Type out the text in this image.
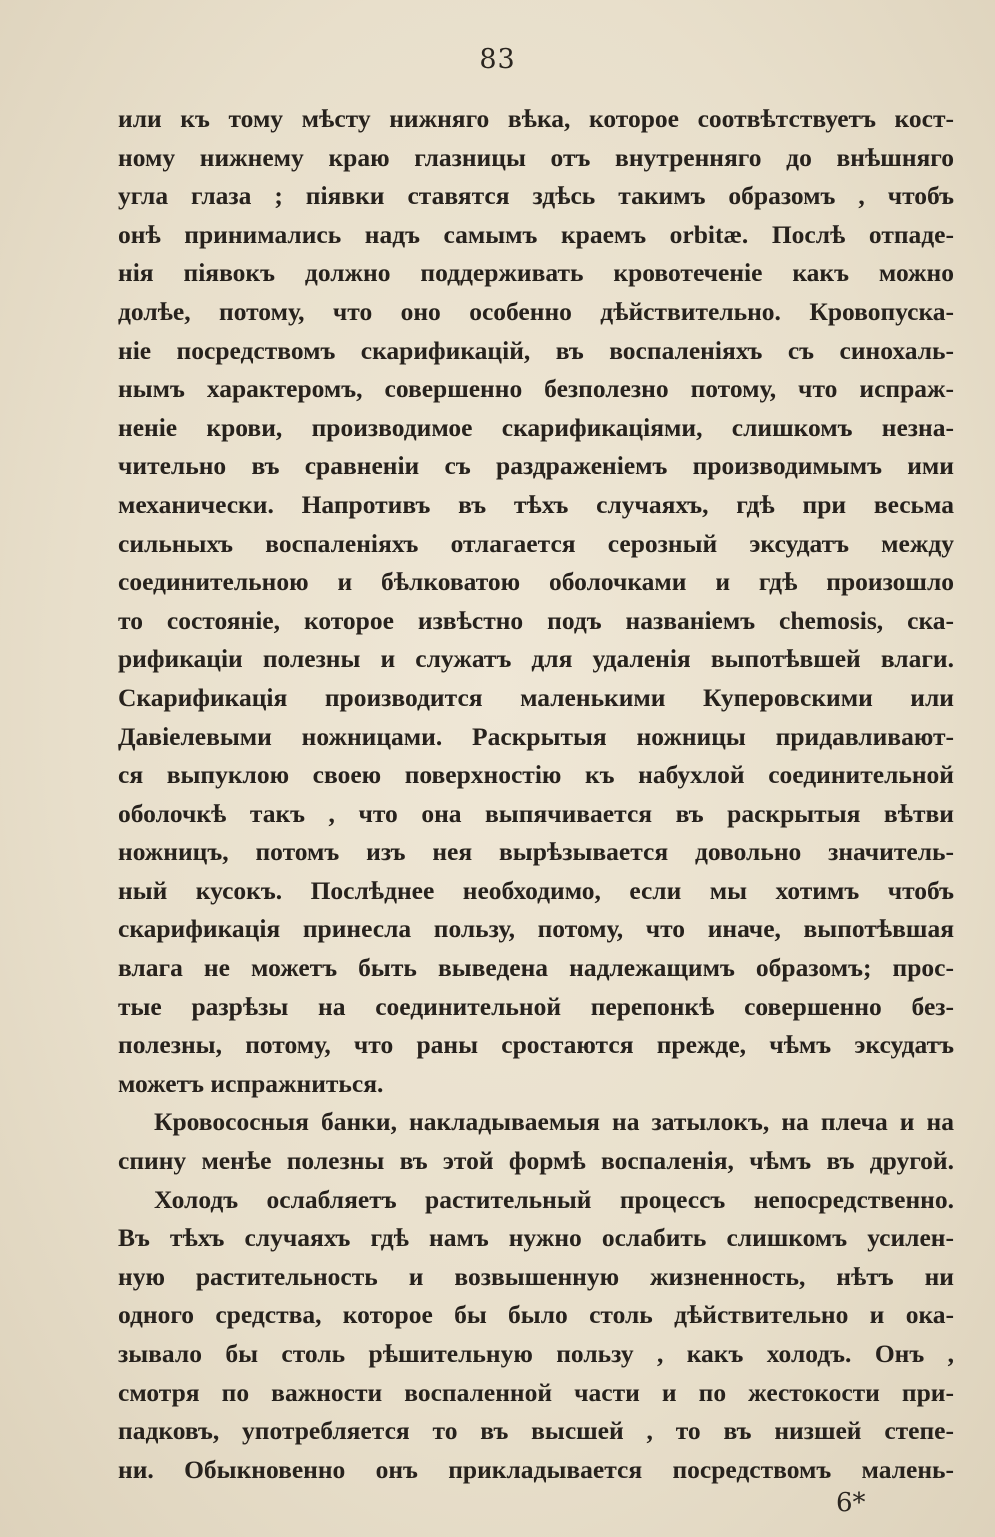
83
или къ тому мѣсту нижняго вѣка, которое соотвѣтствуетъ кост-
ному нижнему краю глазницы отъ внутренняго до внѣшняго
угла глаза ; піявки ставятся здѣсь такимъ образомъ , чтобъ
онѣ принимались надъ самымъ краемъ orbitæ. Послѣ отпаде-
нія піявокъ должно поддерживать кровотеченіе какъ можно
долѣе, потому, что оно особенно дѣйствительно. Кровопуска-
ніе посредствомъ скарификацій, въ воспаленіяхъ съ синохаль-
нымъ характеромъ, совершенно безполезно потому, что испраж-
неніе крови, производимое скарификаціями, слишкомъ незна-
чительно въ сравненіи съ раздраженіемъ производимымъ ими
механически. Напротивъ въ тѣхъ случаяхъ, гдѣ при весьма
сильныхъ воспаленіяхъ отлагается серозный эксудатъ между
соединительною и бѣлковатою оболочками и гдѣ произошло
то состояніе, которое извѣстно подъ названіемъ chemosis, ска-
рификаціи полезны и служатъ для удаленія выпотѣвшей влаги.
Скарификація производится маленькими Куперовскими или
Давіелевыми ножницами. Раскрытыя ножницы придавливают-
ся выпуклою своею поверхностію къ набухлой соединительной
оболочкѣ такъ , что она выпячивается въ раскрытыя вѣтви
ножницъ, потомъ изъ нея вырѣзывается довольно значитель-
ный кусокъ. Послѣднее необходимо, если мы хотимъ чтобъ
скарификація принесла пользу, потому, что иначе, выпотѣвшая
влага не можетъ быть выведена надлежащимъ образомъ; прос-
тые разрѣзы на соединительной перепонкѣ совершенно без-
полезны, потому, что раны сростаются прежде, чѣмъ эксудатъ
можетъ испражниться.
Кровососныя банки, накладываемыя на затылокъ, на плеча и на
спину менѣе полезны въ этой формѣ воспаленія, чѣмъ въ другой.
Холодъ ослабляетъ растительный процессъ непосредственно.
Въ тѣхъ случаяхъ гдѣ намъ нужно ослабить слишкомъ усилен-
ную растительность и возвышенную жизненность, нѣтъ ни
одного средства, которое бы было столь дѣйствительно и ока-
зывало бы столь рѣшительную пользу , какъ холодъ. Онъ ,
смотря по важности воспаленной части и по жестокости при-
падковъ, употребляется то въ высшей , то въ низшей степе-
ни. Обыкновенно онъ прикладывается посредствомъ малень-
6*
